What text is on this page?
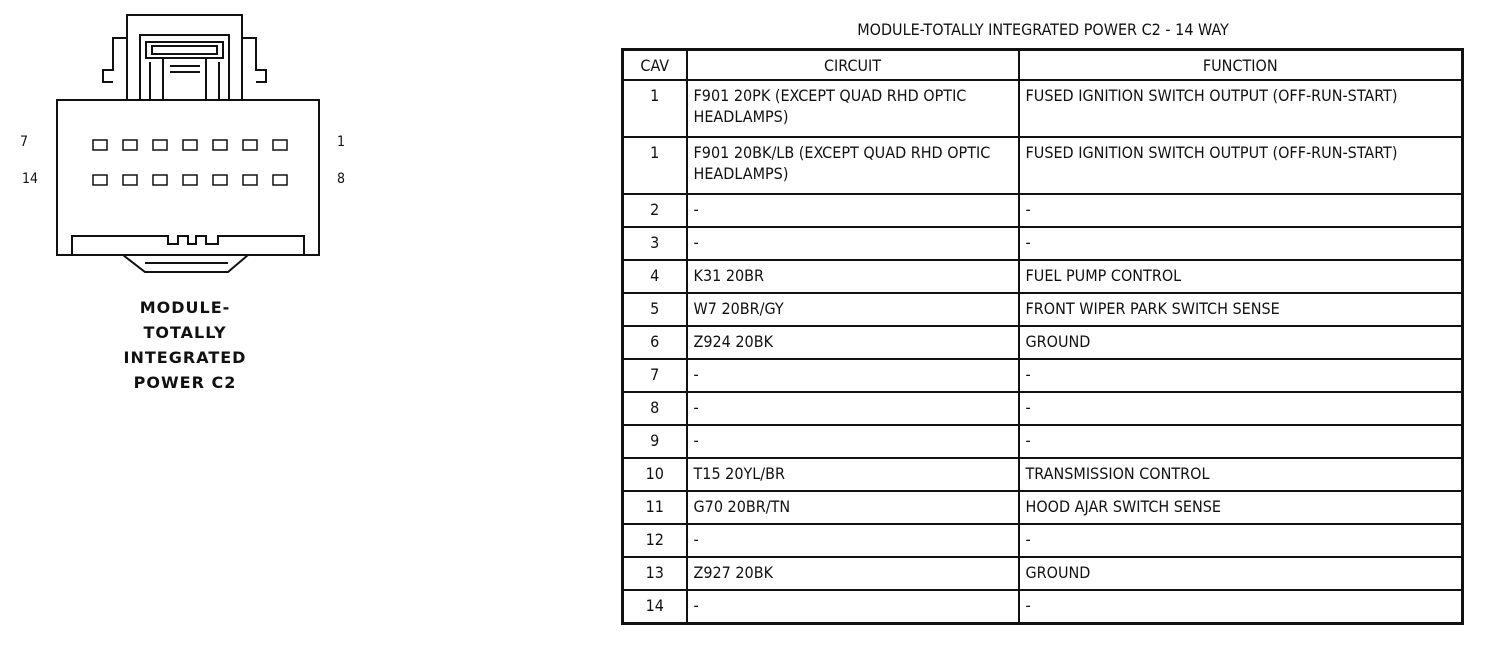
7
14
1
8
MODULE-
TOTALLY
INTEGRATED
POWER C2
MODULE-TOTALLY INTEGRATED POWER C2 - 14 WAY
CAV	CIRCUIT	FUNCTION
1	F901 20PK (EXCEPT QUAD RHD OPTIC HEADLAMPS)	FUSED IGNITION SWITCH OUTPUT (OFF-RUN-START)
1	F901 20BK/LB (EXCEPT QUAD RHD OPTIC HEADLAMPS)	FUSED IGNITION SWITCH OUTPUT (OFF-RUN-START)
2	-	-
3	-	-
4	K31 20BR	FUEL PUMP CONTROL
5	W7 20BR/GY	FRONT WIPER PARK SWITCH SENSE
6	Z924 20BK	GROUND
7	-	-
8	-	-
9	-	-
10	T15 20YL/BR	TRANSMISSION CONTROL
11	G70 20BR/TN	HOOD AJAR SWITCH SENSE
12	-	-
13	Z927 20BK	GROUND
14	-	-
